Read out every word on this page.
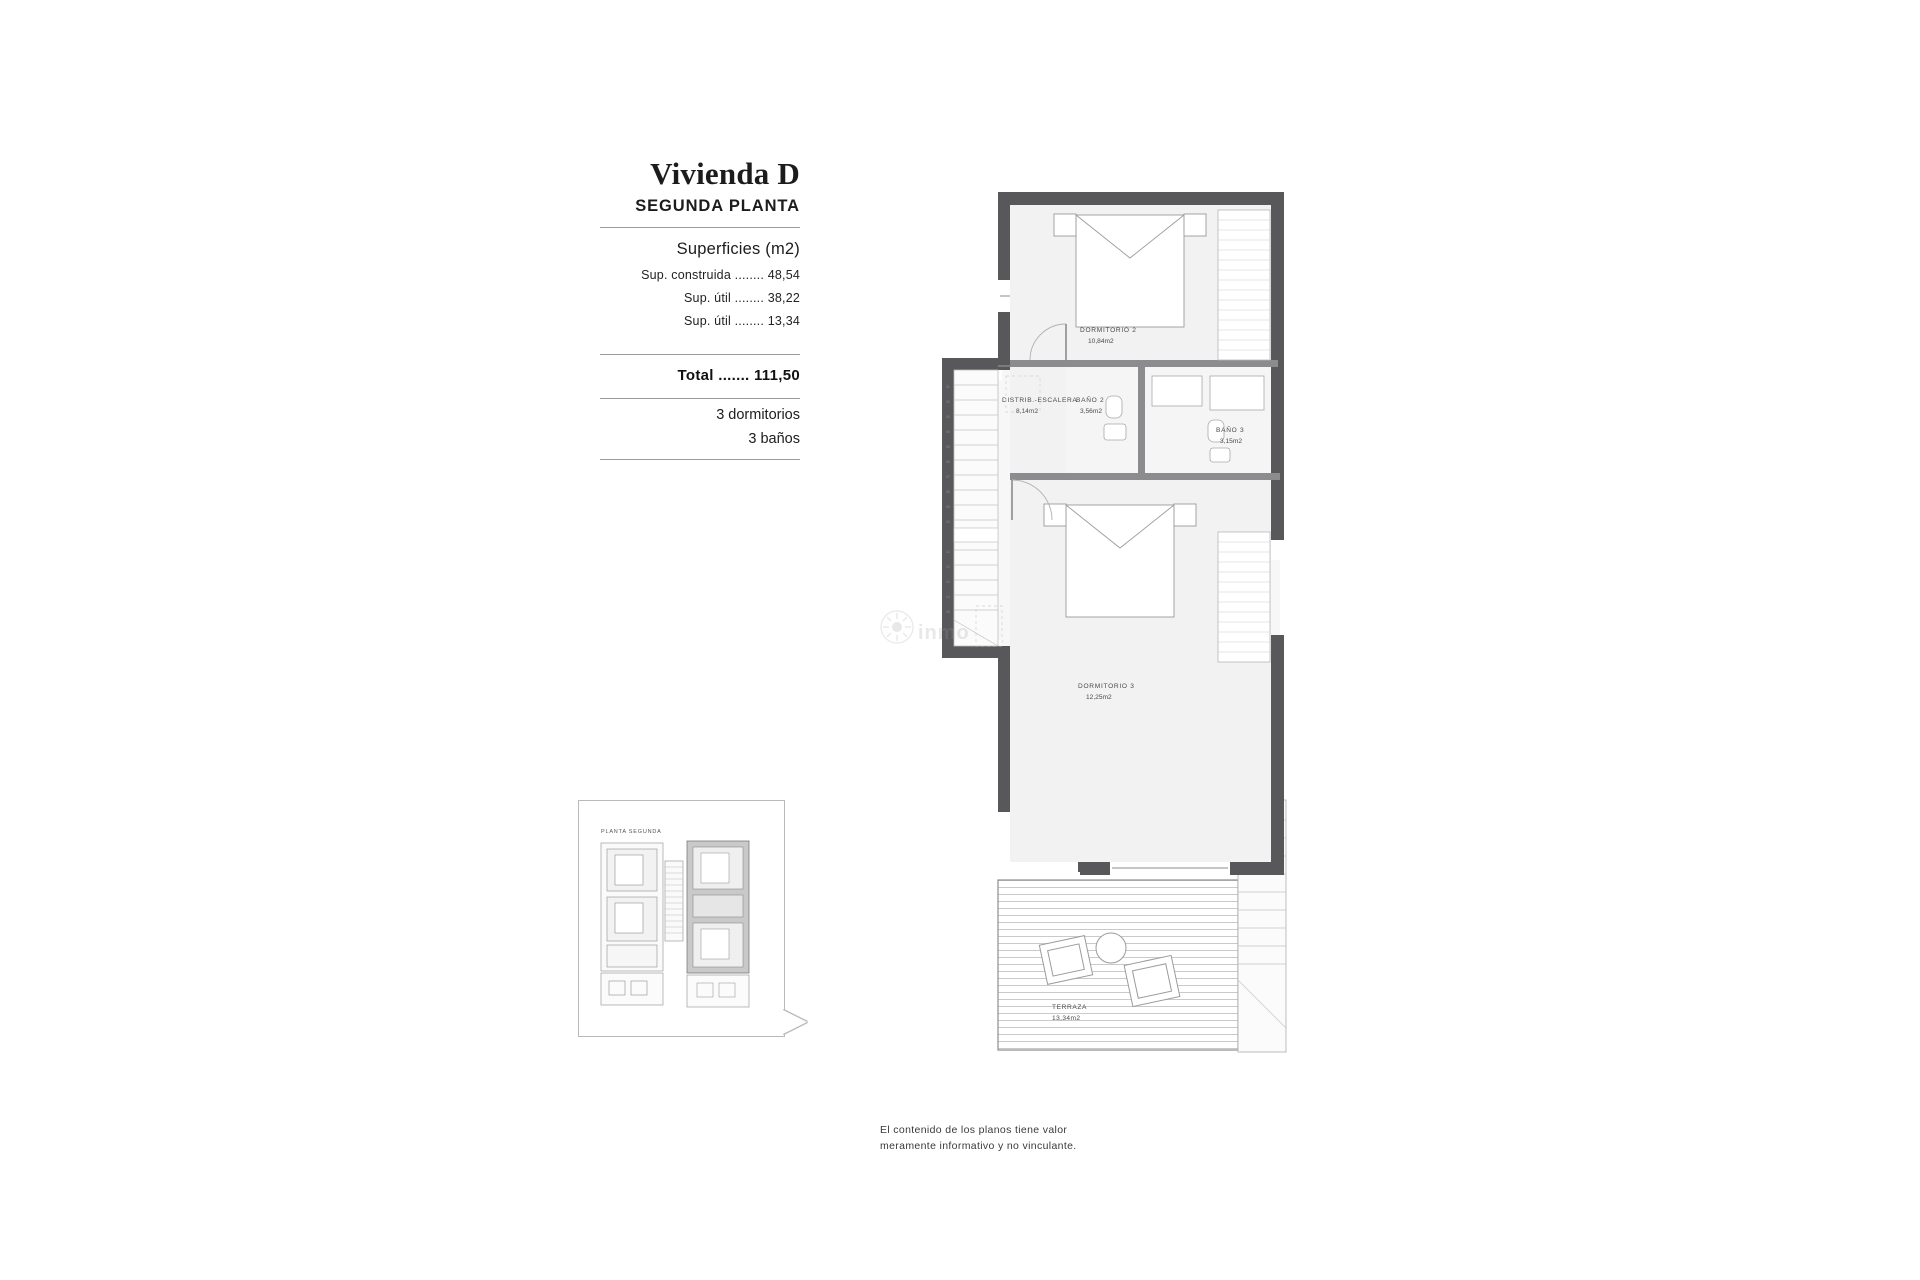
Vivienda D
SEGUNDA PLANTA
Superficies (m2)
Sup. construida ........ 48,54
Sup. útil ........ 38,22
Sup. útil ........ 13,34
Total ....... 111,50
3 dormitorios
3 baños
PLANTA SEGUNDA
TERRAZA
13,34m2
01
02
03
04
05
06
07
08
09
10
11
12
13
14
15
DORMITORIO 2
10,84m2
BAÑO 2
3,56m2
BAÑO 3
3,15m2
DISTRIB.-ESCALERA
8,14m2
DORMITORIO 3
12,25m2
inmo
El contenido de los planos tiene valor
meramente informativo y no vinculante.
